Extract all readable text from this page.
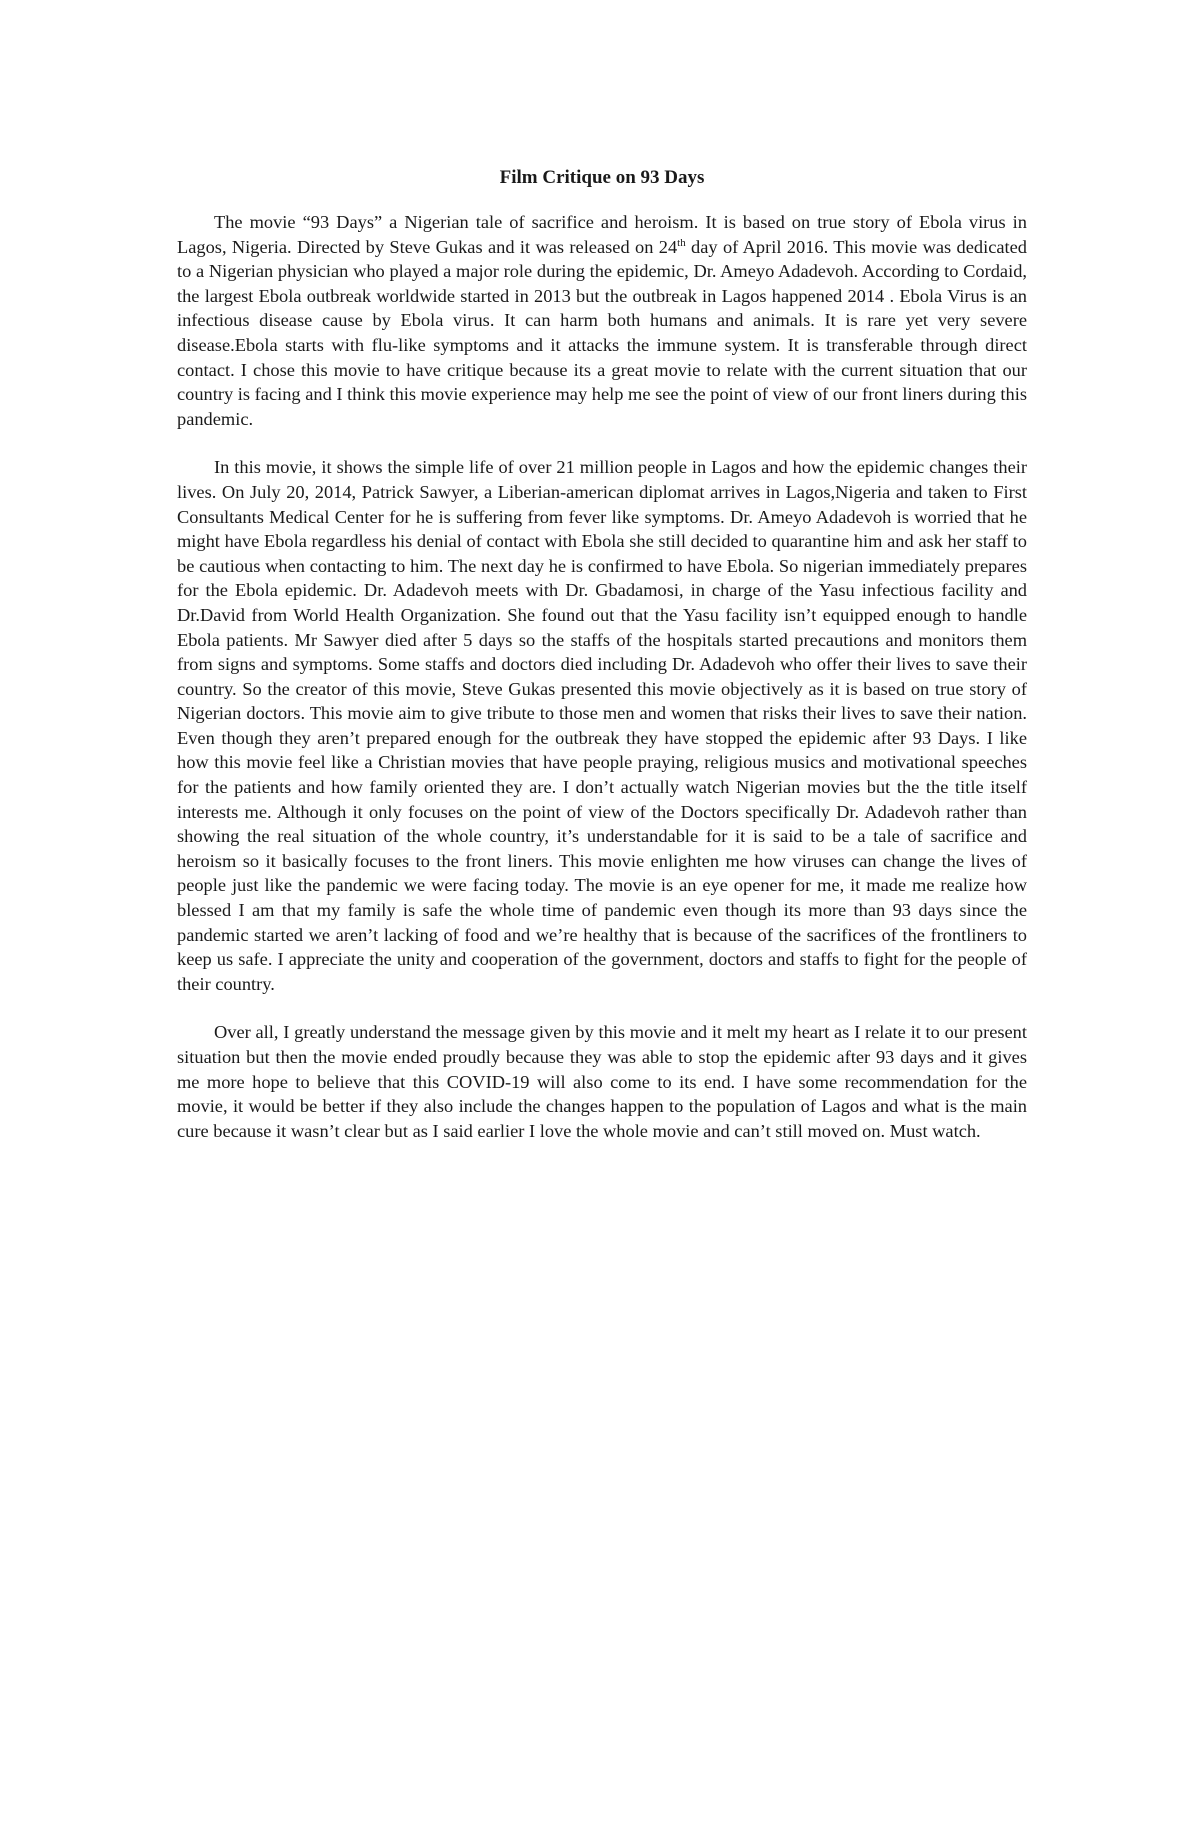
Film Critique on 93 Days

The movie “93 Days” a Nigerian tale of sacrifice and heroism. It is based on true story of Ebola virus in Lagos, Nigeria. Directed by Steve Gukas and it was released on 24th day of April 2016. This movie was dedicated to a Nigerian physician who played a major role during the epidemic, Dr. Ameyo Adadevoh. According to Cordaid, the largest Ebola outbreak worldwide started in 2013 but the outbreak in Lagos happened 2014 . Ebola Virus is an infectious disease cause by Ebola virus. It can harm both humans and animals. It is rare yet very severe disease.Ebola starts with flu-like symptoms and it attacks the immune system. It is transferable through direct contact. I chose this movie to have critique because its a great movie to relate with the current situation that our country is facing and I think this movie experience may help me see the point of view of our front liners during this pandemic.

In this movie, it shows the simple life of over 21 million people in Lagos and how the epidemic changes their lives. On July 20, 2014, Patrick Sawyer, a Liberian-american diplomat arrives in Lagos,Nigeria and taken to First Consultants Medical Center for he is suffering from fever like symptoms. Dr. Ameyo Adadevoh is worried that he might have Ebola regardless his denial of contact with Ebola she still decided to quarantine him and ask her staff to be cautious when contacting to him. The next day he is confirmed to have Ebola. So nigerian immediately prepares for the Ebola epidemic. Dr. Adadevoh meets with Dr. Gbadamosi, in charge of the Yasu infectious facility and Dr.David from World Health Organization. She found out that the Yasu facility isn’t equipped enough to handle Ebola patients. Mr Sawyer died after 5 days so the staffs of the hospitals started precautions and monitors them from signs and symptoms. Some staffs and doctors died including Dr. Adadevoh who offer their lives to save their country. So the creator of this movie, Steve Gukas presented this movie objectively as it is based on true story of Nigerian doctors. This movie aim to give tribute to those men and women that risks their lives to save their nation. Even though they aren’t prepared enough for the outbreak they have stopped the epidemic after 93 Days. I like how this movie feel like a Christian movies that have people praying, religious musics and motivational speeches for the patients and how family oriented they are. I don’t actually watch Nigerian movies but the the title itself interests me. Although it only focuses on the point of view of the Doctors specifically Dr. Adadevoh rather than showing the real situation of the whole country, it’s understandable for it is said to be a tale of sacrifice and heroism so it basically focuses to the front liners. This movie enlighten me how viruses can change the lives of people just like the pandemic we were facing today. The movie is an eye opener for me, it made me realize how blessed I am that my family is safe the whole time of pandemic even though its more than 93 days since the pandemic started we aren’t lacking of food and we’re healthy that is because of the sacrifices of the frontliners to keep us safe. I appreciate the unity and cooperation of the government, doctors and staffs to fight for the people of their country.

Over all, I greatly understand the message given by this movie and it melt my heart as I relate it to our present situation but then the movie ended proudly because they was able to stop the epidemic after 93 days and it gives me more hope to believe that this COVID-19 will also come to its end. I have some recommendation for the movie, it would be better if they also include the changes happen to the population of Lagos and what is the main cure because it wasn’t clear but as I said earlier I love the whole movie and can’t still moved on. Must watch.
